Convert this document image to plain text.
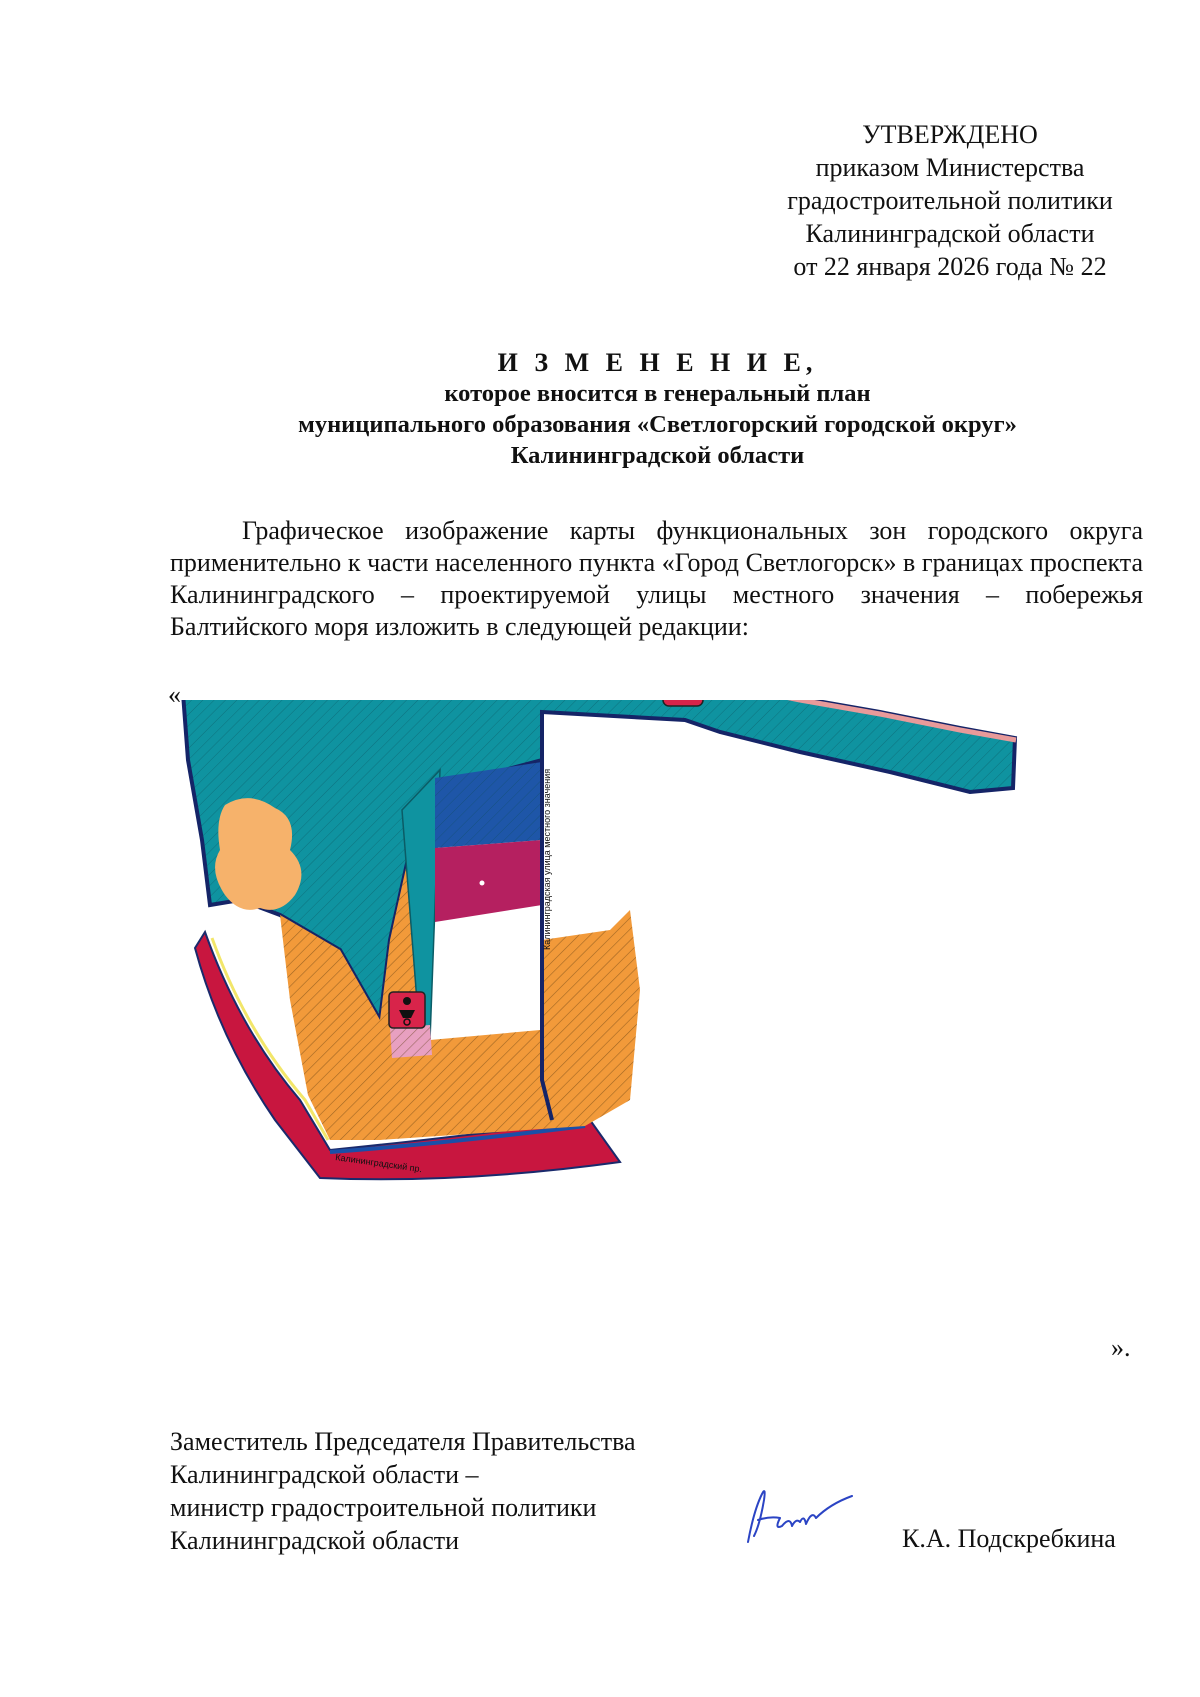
УТВЕРЖДЕНО
приказом Министерства
градостроительной политики
Калининградской области
от 22 января 2026 года № 22
И З М Е Н Е Н И Е,
которое вносится в генеральный план
муниципального образования «Светлогорский городской округ»
Калининградской области
Графическое изображение карты функциональных зон городского округа применительно к части населенного пункта «Город Светлогорск» в границах проспекта Калининградского – проектируемой улицы местного значения – побережья Балтийского моря изложить в следующей редакции:
«
Калининградская улица местного значения
Калининградский пр.
».
Заместитель Председателя Правительства
Калининградской области –
министр градостроительной политики
Калининградской области	К.А. Подскребкина
